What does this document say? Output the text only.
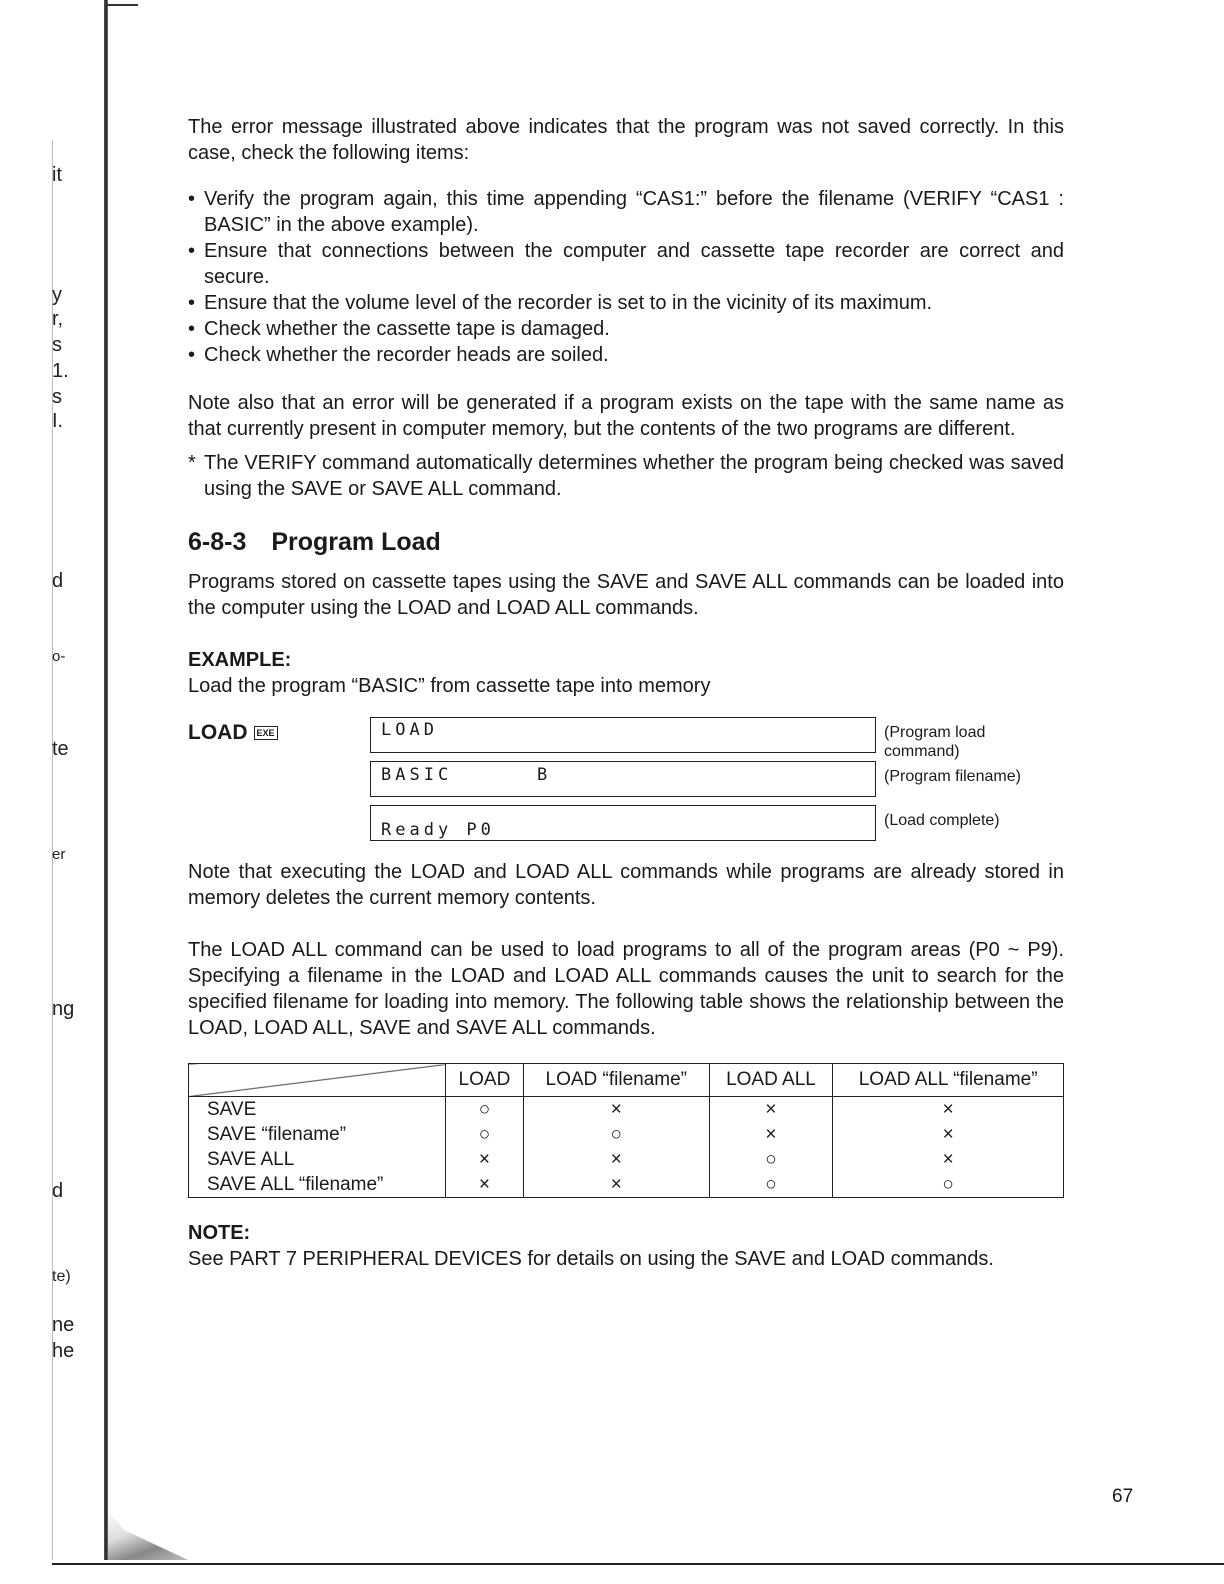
it
y
r,
s
1.
s
I.
d
o-
te
er
ng
d
te)
ne
he

The error message illustrated above indicates that the program was not saved correctly. In this case, check the following items:

• Verify the program again, this time appending “CAS1:” before the filename (VERIFY “CAS1 : BASIC” in the above example).
• Ensure that connections between the computer and cassette tape recorder are correct and secure.
• Ensure that the volume level of the recorder is set to in the vicinity of its maximum.
• Check whether the cassette tape is damaged.
• Check whether the recorder heads are soiled.

Note also that an error will be generated if a program exists on the tape with the same name as that currently present in computer memory, but the contents of the two programs are different.

* The VERIFY command automatically determines whether the program being checked was saved using the SAVE or SAVE ALL command.

6-8-3 Program Load

Programs stored on cassette tapes using the SAVE and SAVE ALL commands can be loaded into the computer using the LOAD and LOAD ALL commands.

EXAMPLE:

Load the program “BASIC” from cassette tape into memory

LOAD EXE	LOAD	(Program load command)
BASIC	B	(Program filename)
Ready P0	(Load complete)

Note that executing the LOAD and LOAD ALL commands while programs are already stored in memory deletes the current memory contents.

The LOAD ALL command can be used to load programs to all of the program areas (P0 ~ P9). Specifying a filename in the LOAD and LOAD ALL commands causes the unit to search for the specified filename for loading into memory. The following table shows the relationship between the LOAD, LOAD ALL, SAVE and SAVE ALL commands.

	LOAD	LOAD “filename”	LOAD ALL	LOAD ALL “filename”
SAVE	○	×	×	×
SAVE “filename”	○	○	×	×
SAVE ALL	×	×	○	×
SAVE ALL “filename”	×	×	○	○
NOTE:

See PART 7 PERIPHERAL DEVICES for details on using the SAVE and LOAD commands.

67
